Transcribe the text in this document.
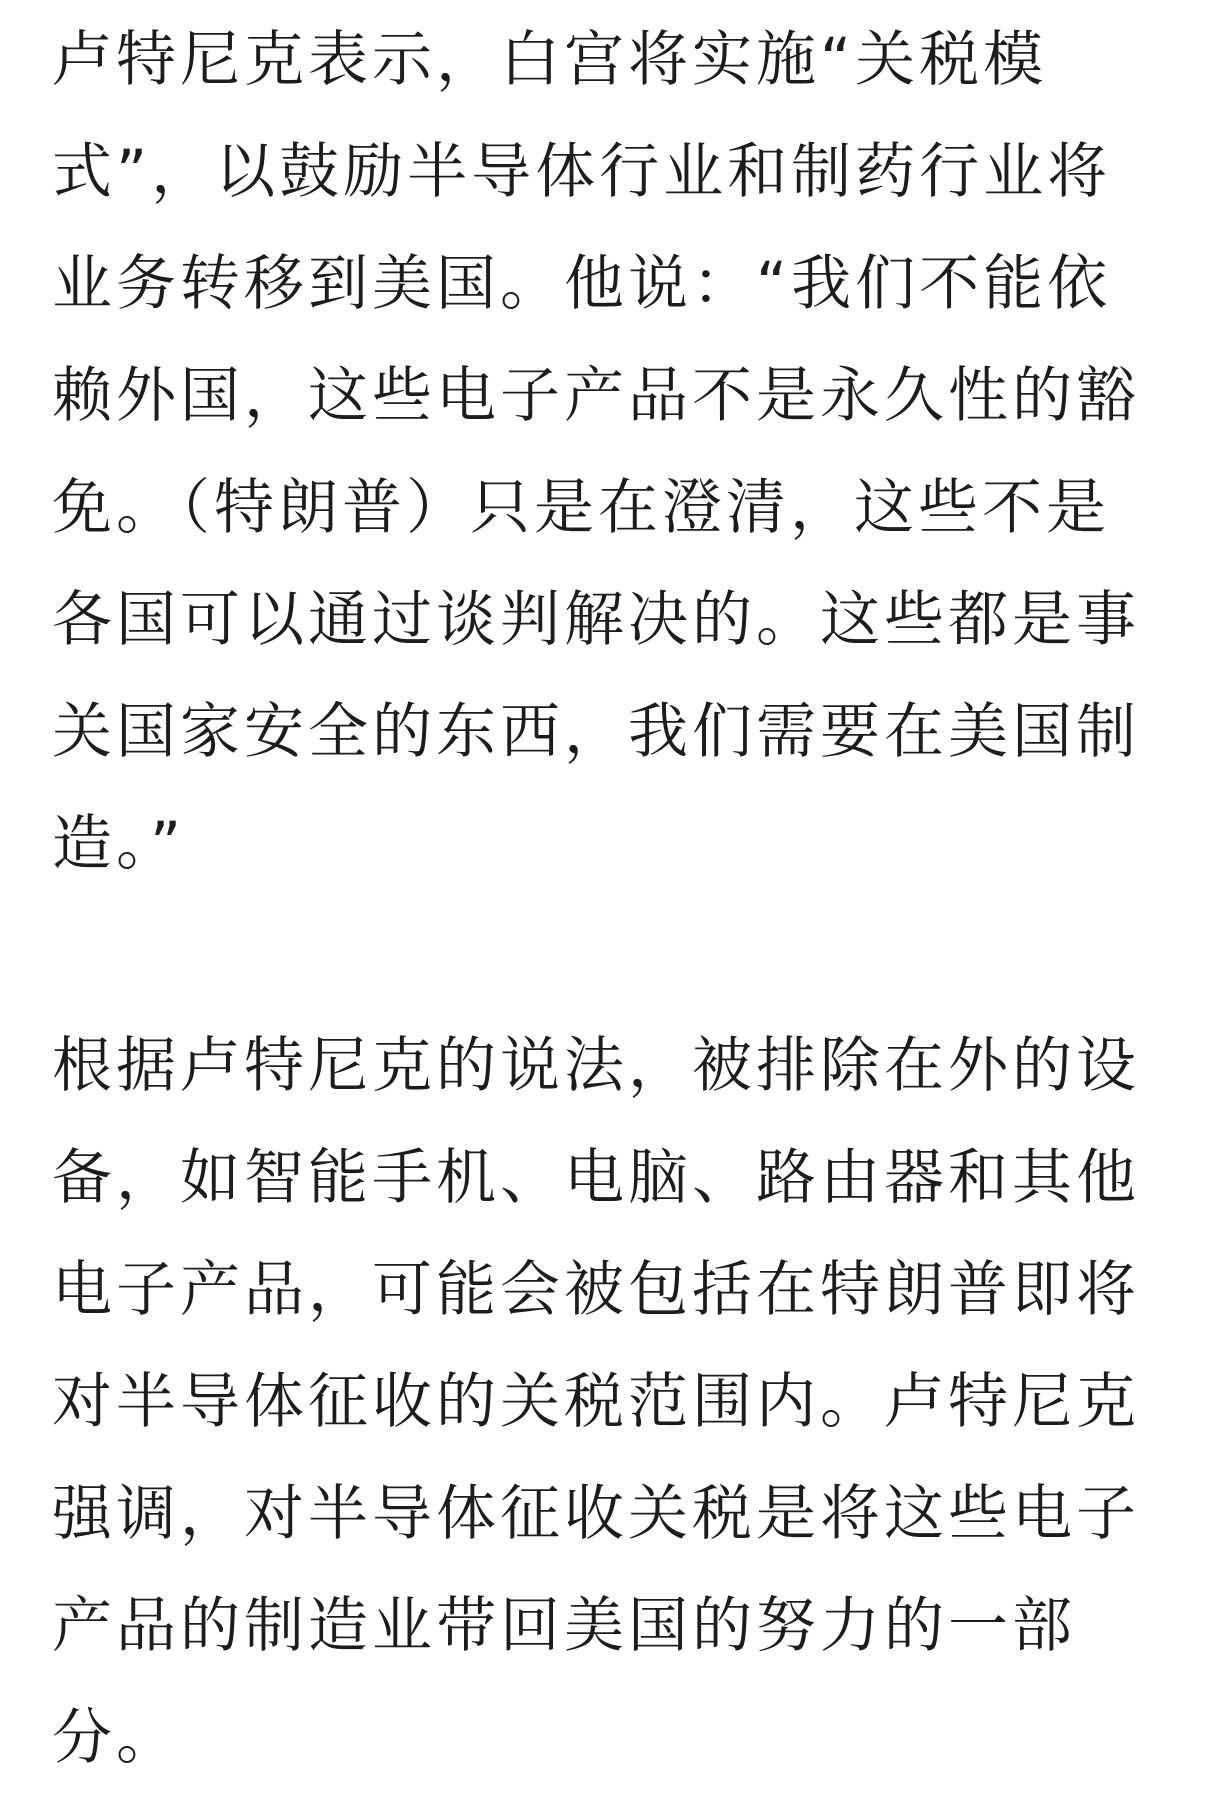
卢特尼克表示，白宫将实施“关税模
式”，以鼓励半导体行业和制药行业将
业务转移到美国。他说：“我们不能依
赖外国，这些电子产品不是永久性的豁
免。（特朗普）只是在澄清，这些不是
各国可以通过谈判解决的。这些都是事
关国家安全的东西，我们需要在美国制
造。”
根据卢特尼克的说法，被排除在外的设
备，如智能手机、电脑、路由器和其他
电子产品，可能会被包括在特朗普即将
对半导体征收的关税范围内。卢特尼克
强调，对半导体征收关税是将这些电子
产品的制造业带回美国的努力的一部
分。
